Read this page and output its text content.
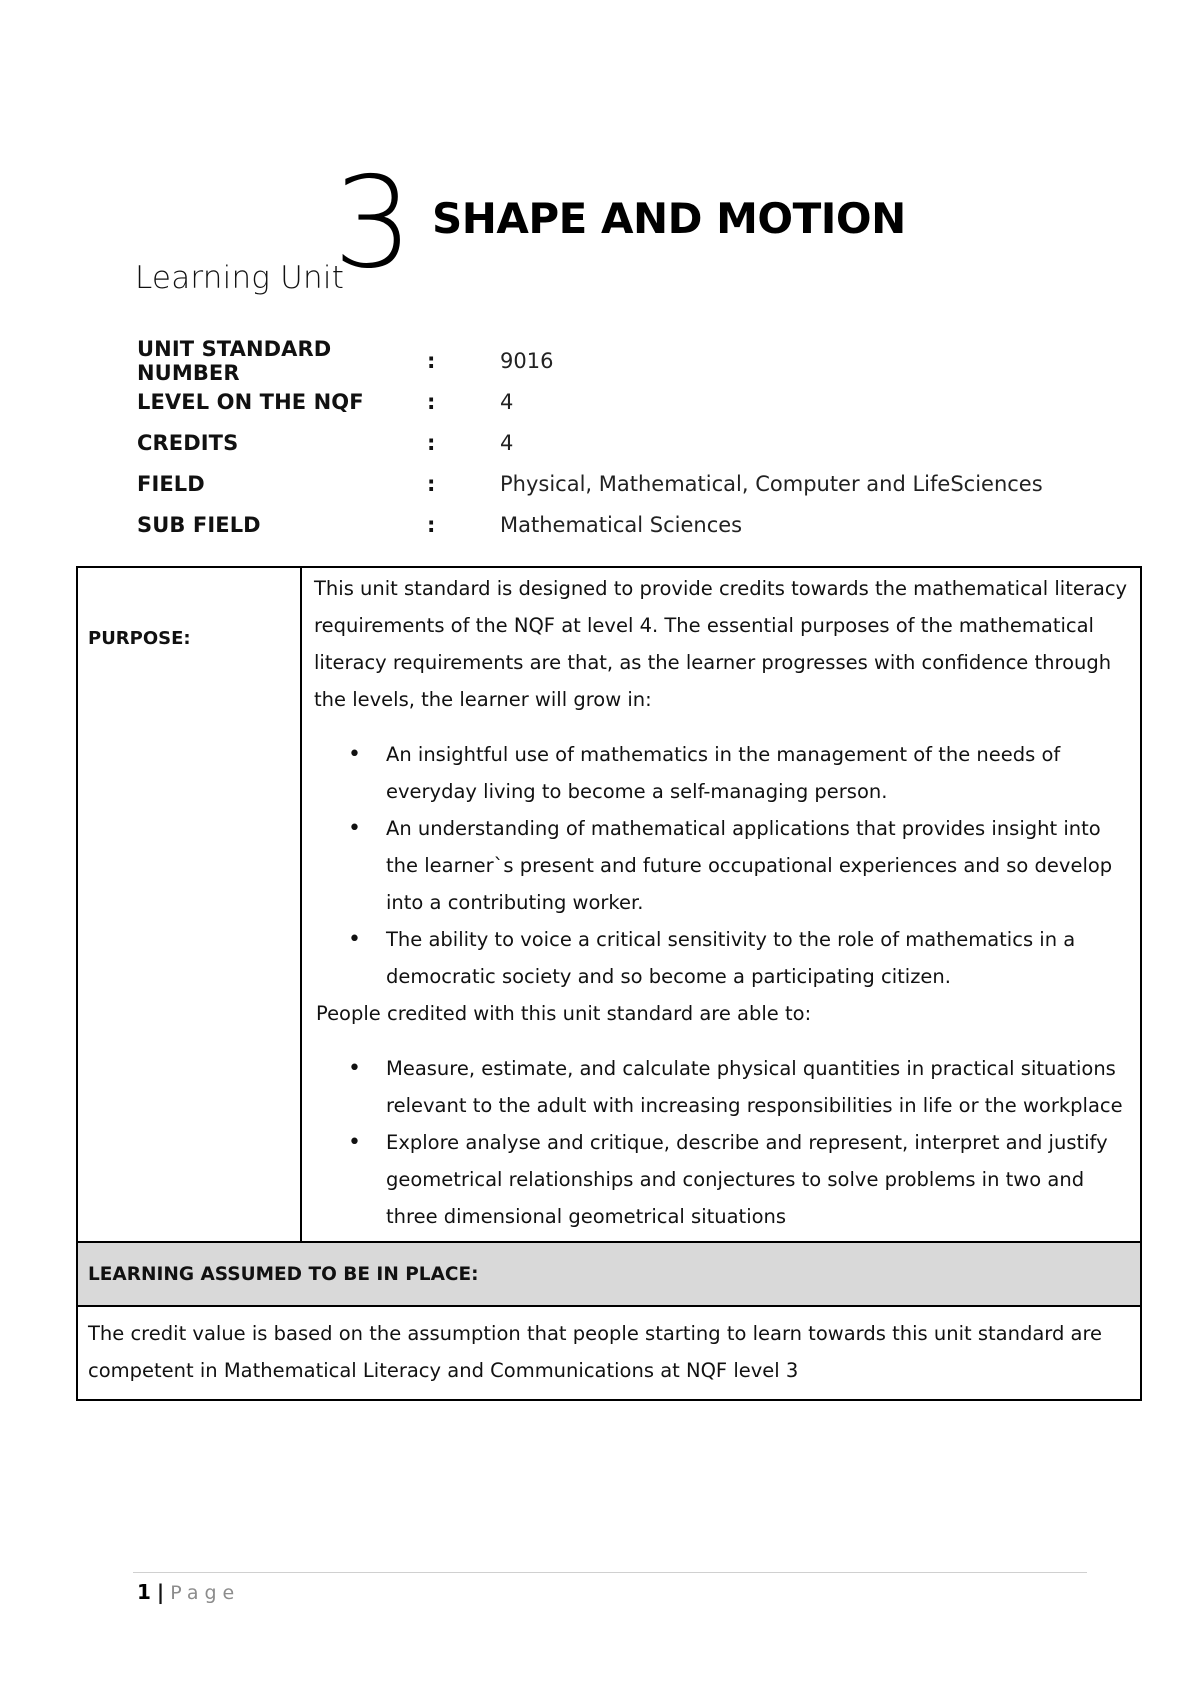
Learning Unit
3 SHAPE AND MOTION
UNIT STANDARD NUMBER	:	9016
LEVEL ON THE NQF	:	4
CREDITS	:	4
FIELD	:	Physical, Mathematical, Computer and LifeSciences
SUB FIELD	:	Mathematical Sciences
PURPOSE:

This unit standard is designed to provide credits towards the mathematical literacy requirements of the NQF at level 4. The essential purposes of the mathematical literacy requirements are that, as the learner progresses with confidence through the levels, the learner will grow in:

• An insightful use of mathematics in the management of the needs of everyday living to become a self-managing person.
• An understanding of mathematical applications that provides insight into the learner`s present and future occupational experiences and so develop into a contributing worker.
• The ability to voice a critical sensitivity to the role of mathematics in a democratic society and so become a participating citizen.

People credited with this unit standard are able to:

• Measure, estimate, and calculate physical quantities in practical situations relevant to the adult with increasing responsibilities in life or the workplace
• Explore analyse and critique, describe and represent, interpret and justify geometrical relationships and conjectures to solve problems in two and three dimensional geometrical situations
LEARNING ASSUMED TO BE IN PLACE:
The credit value is based on the assumption that people starting to learn towards this unit standard are competent in Mathematical Literacy and Communications at NQF level 3
1 | Page
